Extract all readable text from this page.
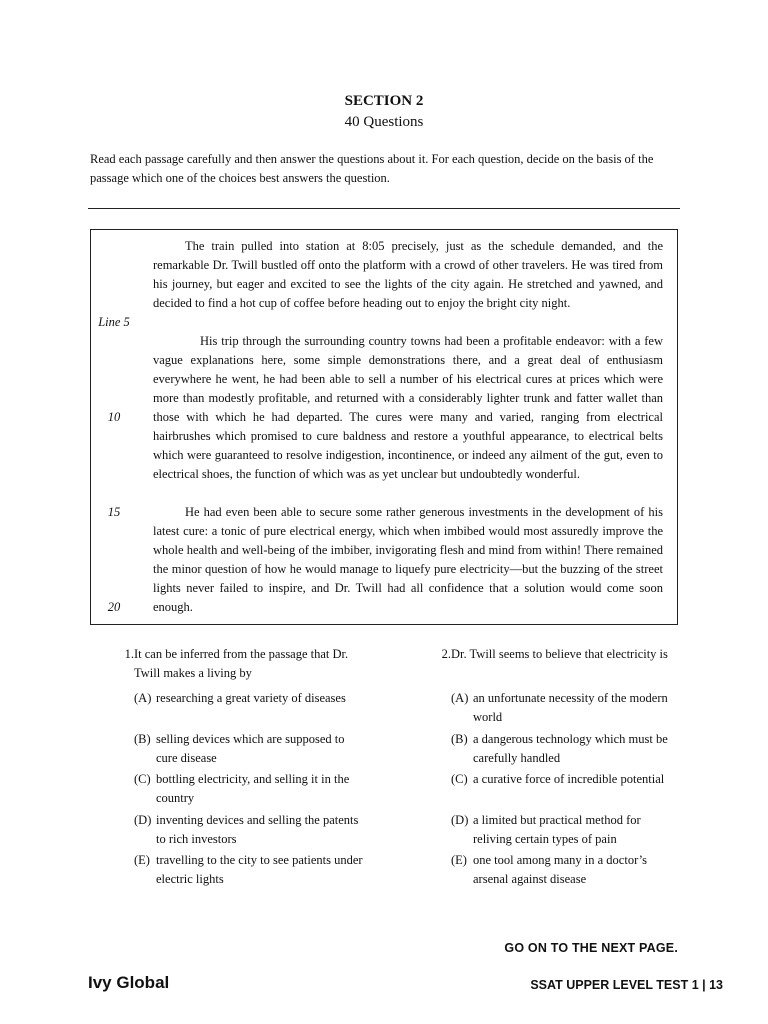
SECTION 2
40 Questions
Read each passage carefully and then answer the questions about it. For each question, decide on the basis of the passage which one of the choices best answers the question.
The train pulled into station at 8:05 precisely, just as the schedule demanded, and the remarkable Dr. Twill bustled off onto the platform with a crowd of other travelers. He was tired from his journey, but eager and excited to see the lights of the city again. He stretched and yawned, and decided to find a hot cup of coffee before heading out to enjoy the bright city night.
His trip through the surrounding country towns had been a profitable endeavor: with a few vague explanations here, some simple demonstrations there, and a great deal of enthusiasm everywhere he went, he had been able to sell a number of his electrical cures at prices which were more than modestly profitable, and returned with a considerably lighter trunk and fatter wallet than those with which he had departed. The cures were many and varied, ranging from electrical hairbrushes which promised to cure baldness and restore a youthful appearance, to electrical belts which were guaranteed to resolve indigestion, incontinence, or indeed any ailment of the gut, even to electrical shoes, the function of which was as yet unclear but undoubtedly wonderful.
He had even been able to secure some rather generous investments in the development of his latest cure: a tonic of pure electrical energy, which when imbibed would most assuredly improve the whole health and well-being of the imbiber, invigorating flesh and mind from within! There remained the minor question of how he would manage to liquefy pure electricity—but the buzzing of the street lights never failed to inspire, and Dr. Twill had all confidence that a solution would come soon enough.
Line 5
10
15
20
1. It can be inferred from the passage that Dr. Twill makes a living by
(A) researching a great variety of diseases
(B) selling devices which are supposed to cure disease
(C) bottling electricity, and selling it in the country
(D) inventing devices and selling the patents to rich investors
(E) travelling to the city to see patients under electric lights
2. Dr. Twill seems to believe that electricity is
(A) an unfortunate necessity of the modern world
(B) a dangerous technology which must be carefully handled
(C) a curative force of incredible potential
(D) a limited but practical method for reliving certain types of pain
(E) one tool among many in a doctor’s arsenal against disease
GO ON TO THE NEXT PAGE.
Ivy Global	SSAT UPPER LEVEL TEST 1 | 13
